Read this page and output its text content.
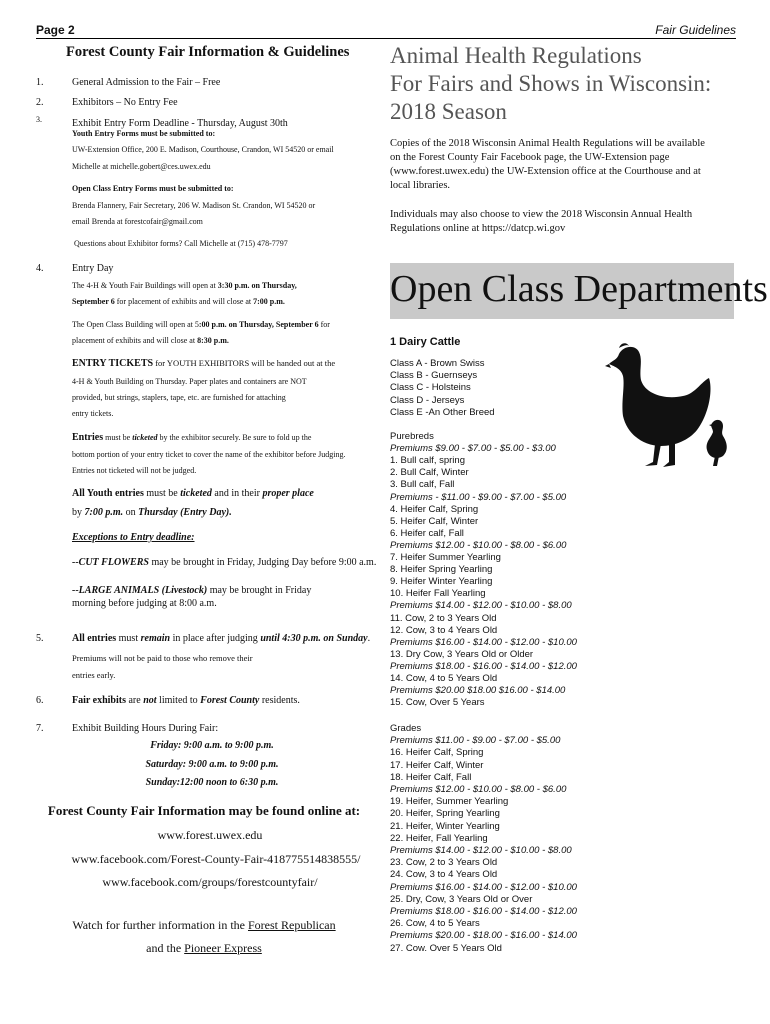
Page 2	Fair Guidelines
Forest County Fair Information & Guidelines
1.	General Admission to the Fair – Free
2.	Exhibitors – No Entry Fee
3.	Exhibit Entry Form Deadline - Thursday, August 30th
Youth Entry Forms must be submitted to:
UW-Extension Office, 200 E. Madison, Courthouse, Crandon, WI 54520 or email
Michelle at michelle.gobert@ces.uwex.edu
Open Class Entry Forms must be submitted to:
Brenda Flannery, Fair Secretary, 206 W. Madison St. Crandon, WI 54520 or
email Brenda at forestcofair@gmail.com
Questions about Exhibitor forms? Call Michelle at (715) 478-7797
4.	Entry Day
The 4-H & Youth Fair Buildings will open at 3:30 p.m. on Thursday,
September 6 for placement of exhibits and will close at 7:00 p.m.
The Open Class Building will open at 5:00 p.m. on Thursday, September 6 for
placement of exhibits and will close at 8:30 p.m.
ENTRY TICKETS for YOUTH EXHIBITORS will be handed out at the
4-H & Youth Building on Thursday. Paper plates and containers are NOT
provided, but strings, staplers, tape, etc. are furnished for attaching
entry tickets.
Entries must be ticketed by the exhibitor securely. Be sure to fold up the
bottom portion of your entry ticket to cover the name of the exhibitor before Judging.
Entries not ticketed will not be judged.
All Youth entries must be ticketed and in their proper place
by 7:00 p.m. on Thursday (Entry Day).
Exceptions to Entry deadline:
--CUT FLOWERS may be brought in Friday, Judging Day before 9:00 a.m.
--LARGE ANIMALS (Livestock) may be brought in Friday
morning before judging at 8:00 a.m.
5.	All entries must remain in place after judging until 4:30 p.m. on Sunday.
Premiums will not be paid to those who remove their
entries early.
6.	Fair exhibits are not limited to Forest County residents.
7.	Exhibit Building Hours During Fair:
Friday: 9:00 a.m. to 9:00 p.m.
Saturday: 9:00 a.m. to 9:00 p.m.
Sunday:12:00 noon to 6:30 p.m.
Forest County Fair Information may be found online at:
www.forest.uwex.edu
www.facebook.com/Forest-County-Fair-418775514838555/
www.facebook.com/groups/forestcountyfair/
Watch for further information in the Forest Republican
and the Pioneer Express
Animal Health Regulations
For Fairs and Shows in Wisconsin:
2018 Season
Copies of the 2018 Wisconsin Animal Health Regulations will be available
on the Forest County Fair Facebook page, the UW-Extension page
(www.forest.uwex.edu) the UW-Extension office at the Courthouse and at
local libraries.
Individuals may also choose to view the 2018 Wisconsin Annual Health
Regulations online at https://datcp.wi.gov
Open Class Departments
1 Dairy Cattle
Class A - Brown Swiss
Class B - Guernseys
Class C - Holsteins
Class D - Jerseys
Class E -An Other Breed
Purebreds
Premiums $9.00 - $7.00 - $5.00 - $3.00
1. Bull calf, spring
2. Bull Calf, Winter
3. Bull calf, Fall
Premiums - $11.00 - $9.00 - $7.00 - $5.00
4. Heifer Calf, Spring
5. Heifer Calf, Winter
6. Heifer calf, Fall
Premiums $12.00 - $10.00 - $8.00 - $6.00
7. Heifer Summer Yearling
8. Heifer Spring Yearling
9. Heifer Winter Yearling
10. Heifer Fall Yearling
Premiums $14.00 - $12.00 - $10.00 - $8.00
11. Cow, 2 to 3 Years Old
12. Cow, 3 to 4 Years Old
Premiums $16.00 - $14.00 - $12.00 - $10.00
13. Dry Cow, 3 Years Old or Older
Premiums $18.00 - $16.00 - $14.00 - $12.00
14. Cow, 4 to 5 Years Old
Premiums $20.00 $18.00 $16.00 - $14.00
15. Cow, Over 5 Years
Grades
Premiums $11.00 - $9.00 - $7.00 - $5.00
16. Heifer Calf, Spring
17. Heifer Calf, Winter
18. Heifer Calf, Fall
Premiums $12.00 - $10.00 - $8.00 - $6.00
19. Heifer, Summer Yearling
20. Heifer, Spring Yearling
21. Heifer, Winter Yearling
22. Heifer, Fall Yearling
Premiums $14.00 - $12.00 - $10.00 - $8.00
23. Cow, 2 to 3 Years Old
24. Cow, 3 to 4 Years Old
Premiums $16.00 - $14.00 - $12.00 - $10.00
25. Dry, Cow, 3 Years Old or Over
Premiums $18.00 - $16.00 - $14.00 - $12.00
26. Cow, 4 to 5 Years
Premiums $20.00 - $18.00 - $16.00 - $14.00
27. Cow. Over 5 Years Old
